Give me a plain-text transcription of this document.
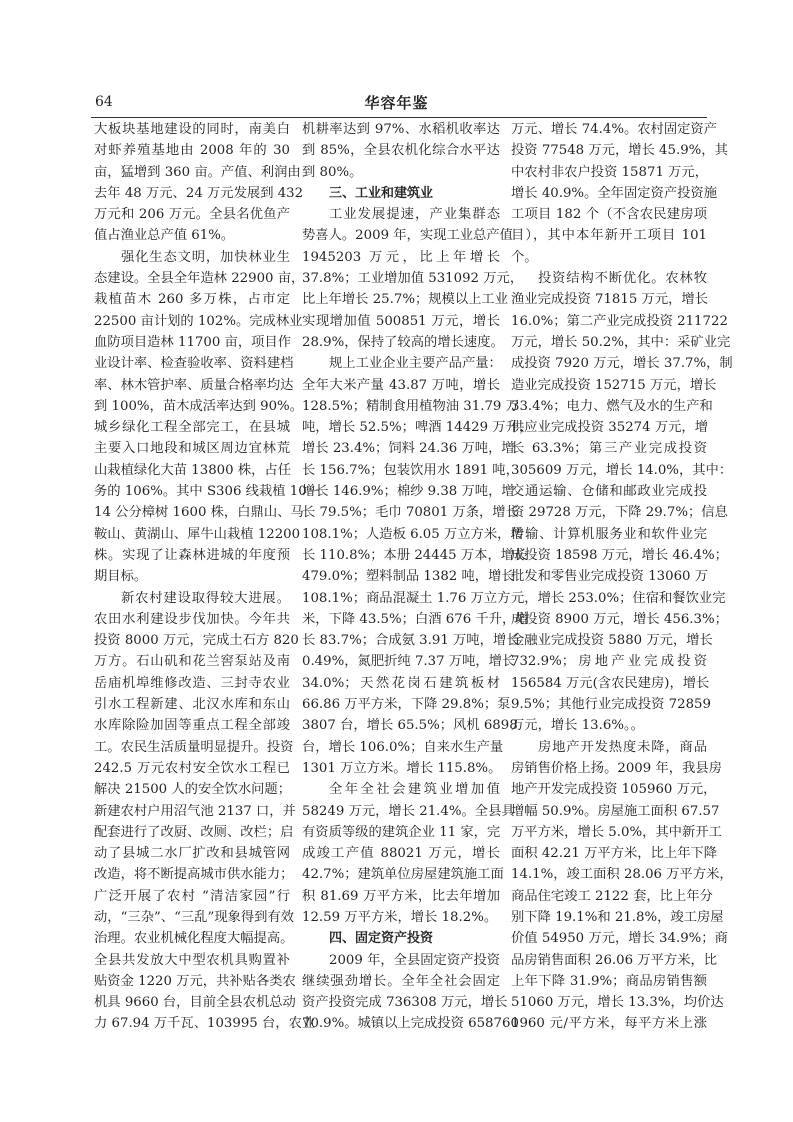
64	华容年鉴
大板块基地建设的同时，南美白
对虾养殖基地由 2008 年的 30
亩，猛增到 360 亩。产值、利润由
去年 48 万元、24 万元发展到 432
万元和 206 万元。全县名优鱼产
值占渔业总产值 61%。
强化生态文明，加快林业生
态建设。全县全年造林 22900 亩，
栽植苗木 260 多万株，占市定
22500 亩计划的 102%。完成林业
血防项目造林 11700 亩，项目作
业设计率、检查验收率、资料建档
率、林木管护率、质量合格率均达
到 100%，苗木成活率达到 90%。
城乡绿化工程全部完工，在县城
主要入口地段和城区周边宜林荒
山栽植绿化大苗 13800 株，占任
务的 106%。其中 S306 线栽植 10－
14 公分樟树 1600 株，白鼎山、马
鞍山、黄湖山、犀牛山栽植 12200
株。实现了让森林进城的年度预
期目标。
新农村建设取得较大进展。
农田水利建设步伐加快。今年共
投资 8000 万元，完成土石方 820
万方。石山矶和花兰窖泵站及南
岳庙机埠维修改造、三封寺农业
引水工程新建、北汉水库和东山
水库除险加固等重点工程全部竣
工。农民生活质量明显提升。投资
242.5 万元农村安全饮水工程已
解决 21500 人的安全饮水问题；
新建农村户用沼气池 2137 口，并
配套进行了改厨、改厕、改栏；启
动了县城二水厂扩改和县城管网
改造，将不断提高城市供水能力；
广泛开展了农村 “清洁家园”行
动，“三杂”、“三乱”现象得到有效
治理。农业机械化程度大幅提高。
全县共发放大中型农机具购置补
贴资金 1220 万元，共补贴各类农
机具 9660 台，目前全县农机总动
力 67.94 万千瓦、103995 台，农业
机耕率达到 97%、水稻机收率达
到 85%，全县农机化综合水平达
到 80%。
三、工业和建筑业
工业发展提速，产业集群态
势喜人。2009 年，实现工业总产值
1945203 万元，比上年增长
37.8%；工业增加值 531092 万元，
比上年增长 25.7%；规模以上工业
实现增加值 500851 万元，增长
28.9%，保持了较高的增长速度。
规上工业企业主要产品产量：
全年大米产量 43.87 万吨，增长
128.5%；精制食用植物油 31.79 万
吨，增长 52.5%；啤酒 14429 万升，
增长 23.4%；饲料 24.36 万吨，增
长 156.7%；包装饮用水 1891 吨，
增长 146.9%；棉纱 9.38 万吨，增
长 79.5%；毛巾 70801 万条，增长
108.1%；人造板 6.05 万立方米，增
长 110.8%；本册 24445 万本，增长
479.0%；塑料制品 1382 吨，增长
108.1%；商品混凝土 1.76 万立方
米，下降 43.5%；白酒 676 千升，增
长 83.7%；合成氨 3.91 万吨，增长
0.49%，氮肥折纯 7.37 万吨，增长
34.0%；天然花岗石建筑板材
66.86 万平方米，下降 29.8%；泵
3807 台，增长 65.5%；风机 6898
台，增长 106.0%；自来水生产量
1301 万立方米。增长 115.8%。
全年全社会建筑业增加值
58249 万元，增长 21.4%。全县具
有资质等级的建筑企业 11 家，完
成竣工产值 88021 万元，增长
42.7%；建筑单位房屋建筑施工面
积 81.69 万平方米，比去年增加
12.59 万平方米，增长 18.2%。
四、固定资产投资
2009 年，全县固定资产投资
继续强劲增长。全年全社会固定
资产投资完成 736308 万元，增长
70.9%。城镇以上完成投资 658760
万元、增长 74.4%。农村固定资产
投资 77548 万元，增长 45.9%，其
中农村非农户投资 15871 万元，
增长 40.9%。全年固定资产投资施
工项目 182 个（不含农民建房项
目），其中本年新开工项目 101
个。
投资结构不断优化。农林牧
渔业完成投资 71815 万元，增长
16.0%；第二产业完成投资 211722
万元，增长 50.2%，其中：采矿业完
成投资 7920 万元，增长 37.7%，制
造业完成投资 152715 万元，增长
33.4%；电力、燃气及水的生产和
供应业完成投资 35274 万元，增
长 63.3%；第三产业完成投资
305609 万元，增长 14.0%，其中：
交通运输、仓储和邮政业完成投
资 29728 万元，下降 29.7%；信息
传输、计算机服务业和软件业完
成投资 18598 万元，增长 46.4%；
批发和零售业完成投资 13060 万
元，增长 253.0%；住宿和餐饮业完
成投资 8900 万元，增长 456.3%；
金融业完成投资 5880 万元，增长
732.9%；房地产业完成投资
156584 万元(含农民建房)，增长
9.5%；其他行业完成投资 72859
万元，增长 13.6%。。
房地产开发热度未降，商品
房销售价格上扬。2009 年，我县房
地产开发完成投资 105960 万元，
增幅 50.9%。房屋施工面积 67.57
万平方米，增长 5.0%，其中新开工
面积 42.21 万平方米，比上年下降
14.1%，竣工面积 28.06 万平方米，
商品住宅竣工 2122 套，比上年分
别下降 19.1%和 21.8%，竣工房屋
价值 54950 万元，增长 34.9%；商
品房销售面积 26.06 万平方米，比
上年下降 31.9%；商品房销售额
51060 万元，增长 13.3%，均价达
1960 元/平方米，每平方米上涨
